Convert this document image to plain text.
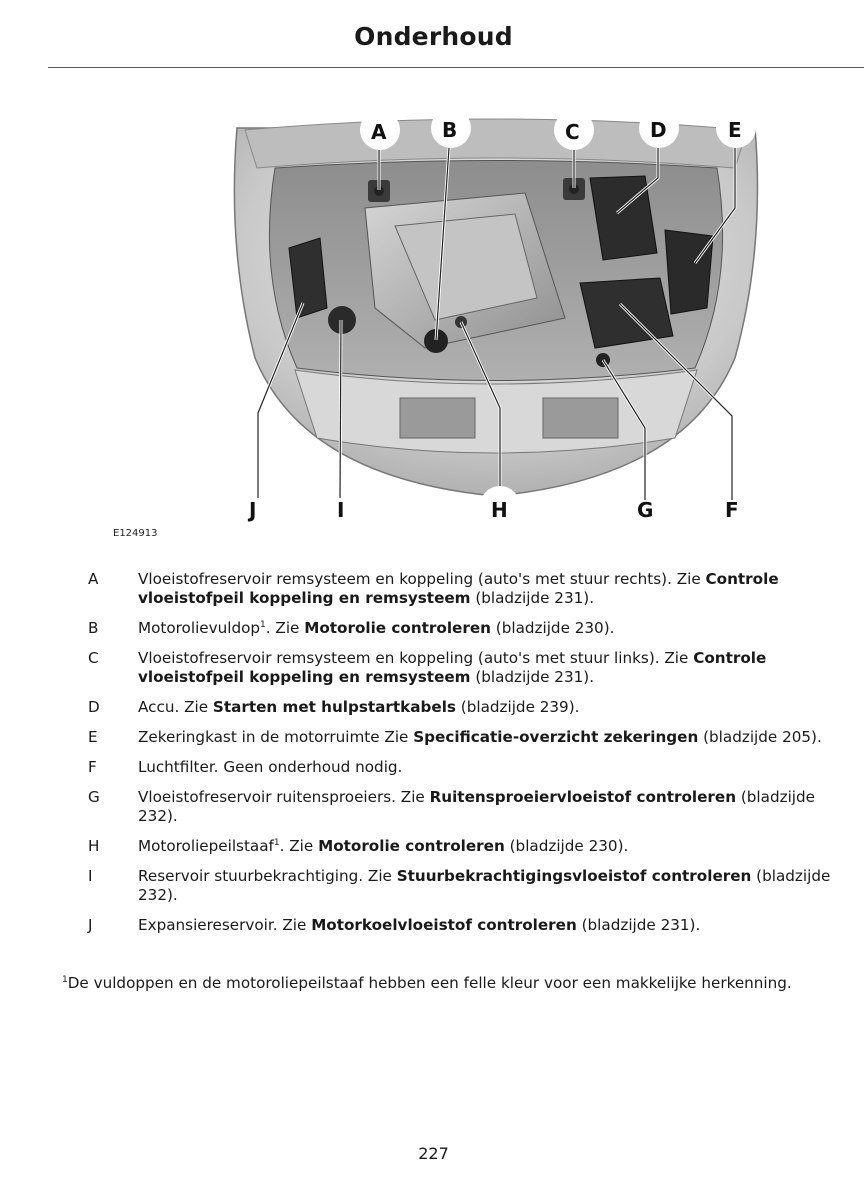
Onderhoud
A	B	C	D	E
J	I	H	G	F
E124913
A	Vloeistofreservoir remsysteem en koppeling (auto's met stuur rechts). Zie Controle vloeistofpeil koppeling en remsysteem (bladzijde 231).
B	Motorolievuldop$^1$. Zie Motorolie controleren (bladzijde 230).
C	Vloeistofreservoir remsysteem en koppeling (auto's met stuur links). Zie Controle vloeistofpeil koppeling en remsysteem (bladzijde 231).
D	Accu. Zie Starten met hulpstartkabels (bladzijde 239).
E	Zekeringkast in de motorruimte Zie Specificatie-overzicht zekeringen (bladzijde 205).
F	Luchtfilter. Geen onderhoud nodig.
G	Vloeistofreservoir ruitensproeiers. Zie Ruitensproeiervloeistof controleren (bladzijde 232).
H	Motoroliepeilstaaf$^1$. Zie Motorolie controleren (bladzijde 230).
I	Reservoir stuurbekrachtiging. Zie Stuurbekrachtigingsvloeistof controleren (bladzijde 232).
J	Expansiereservoir. Zie Motorkoelvloeistof controleren (bladzijde 231).
$^1$De vuldoppen en de motoroliepeilstaaf hebben een felle kleur voor een makkelijke herkenning.
227
